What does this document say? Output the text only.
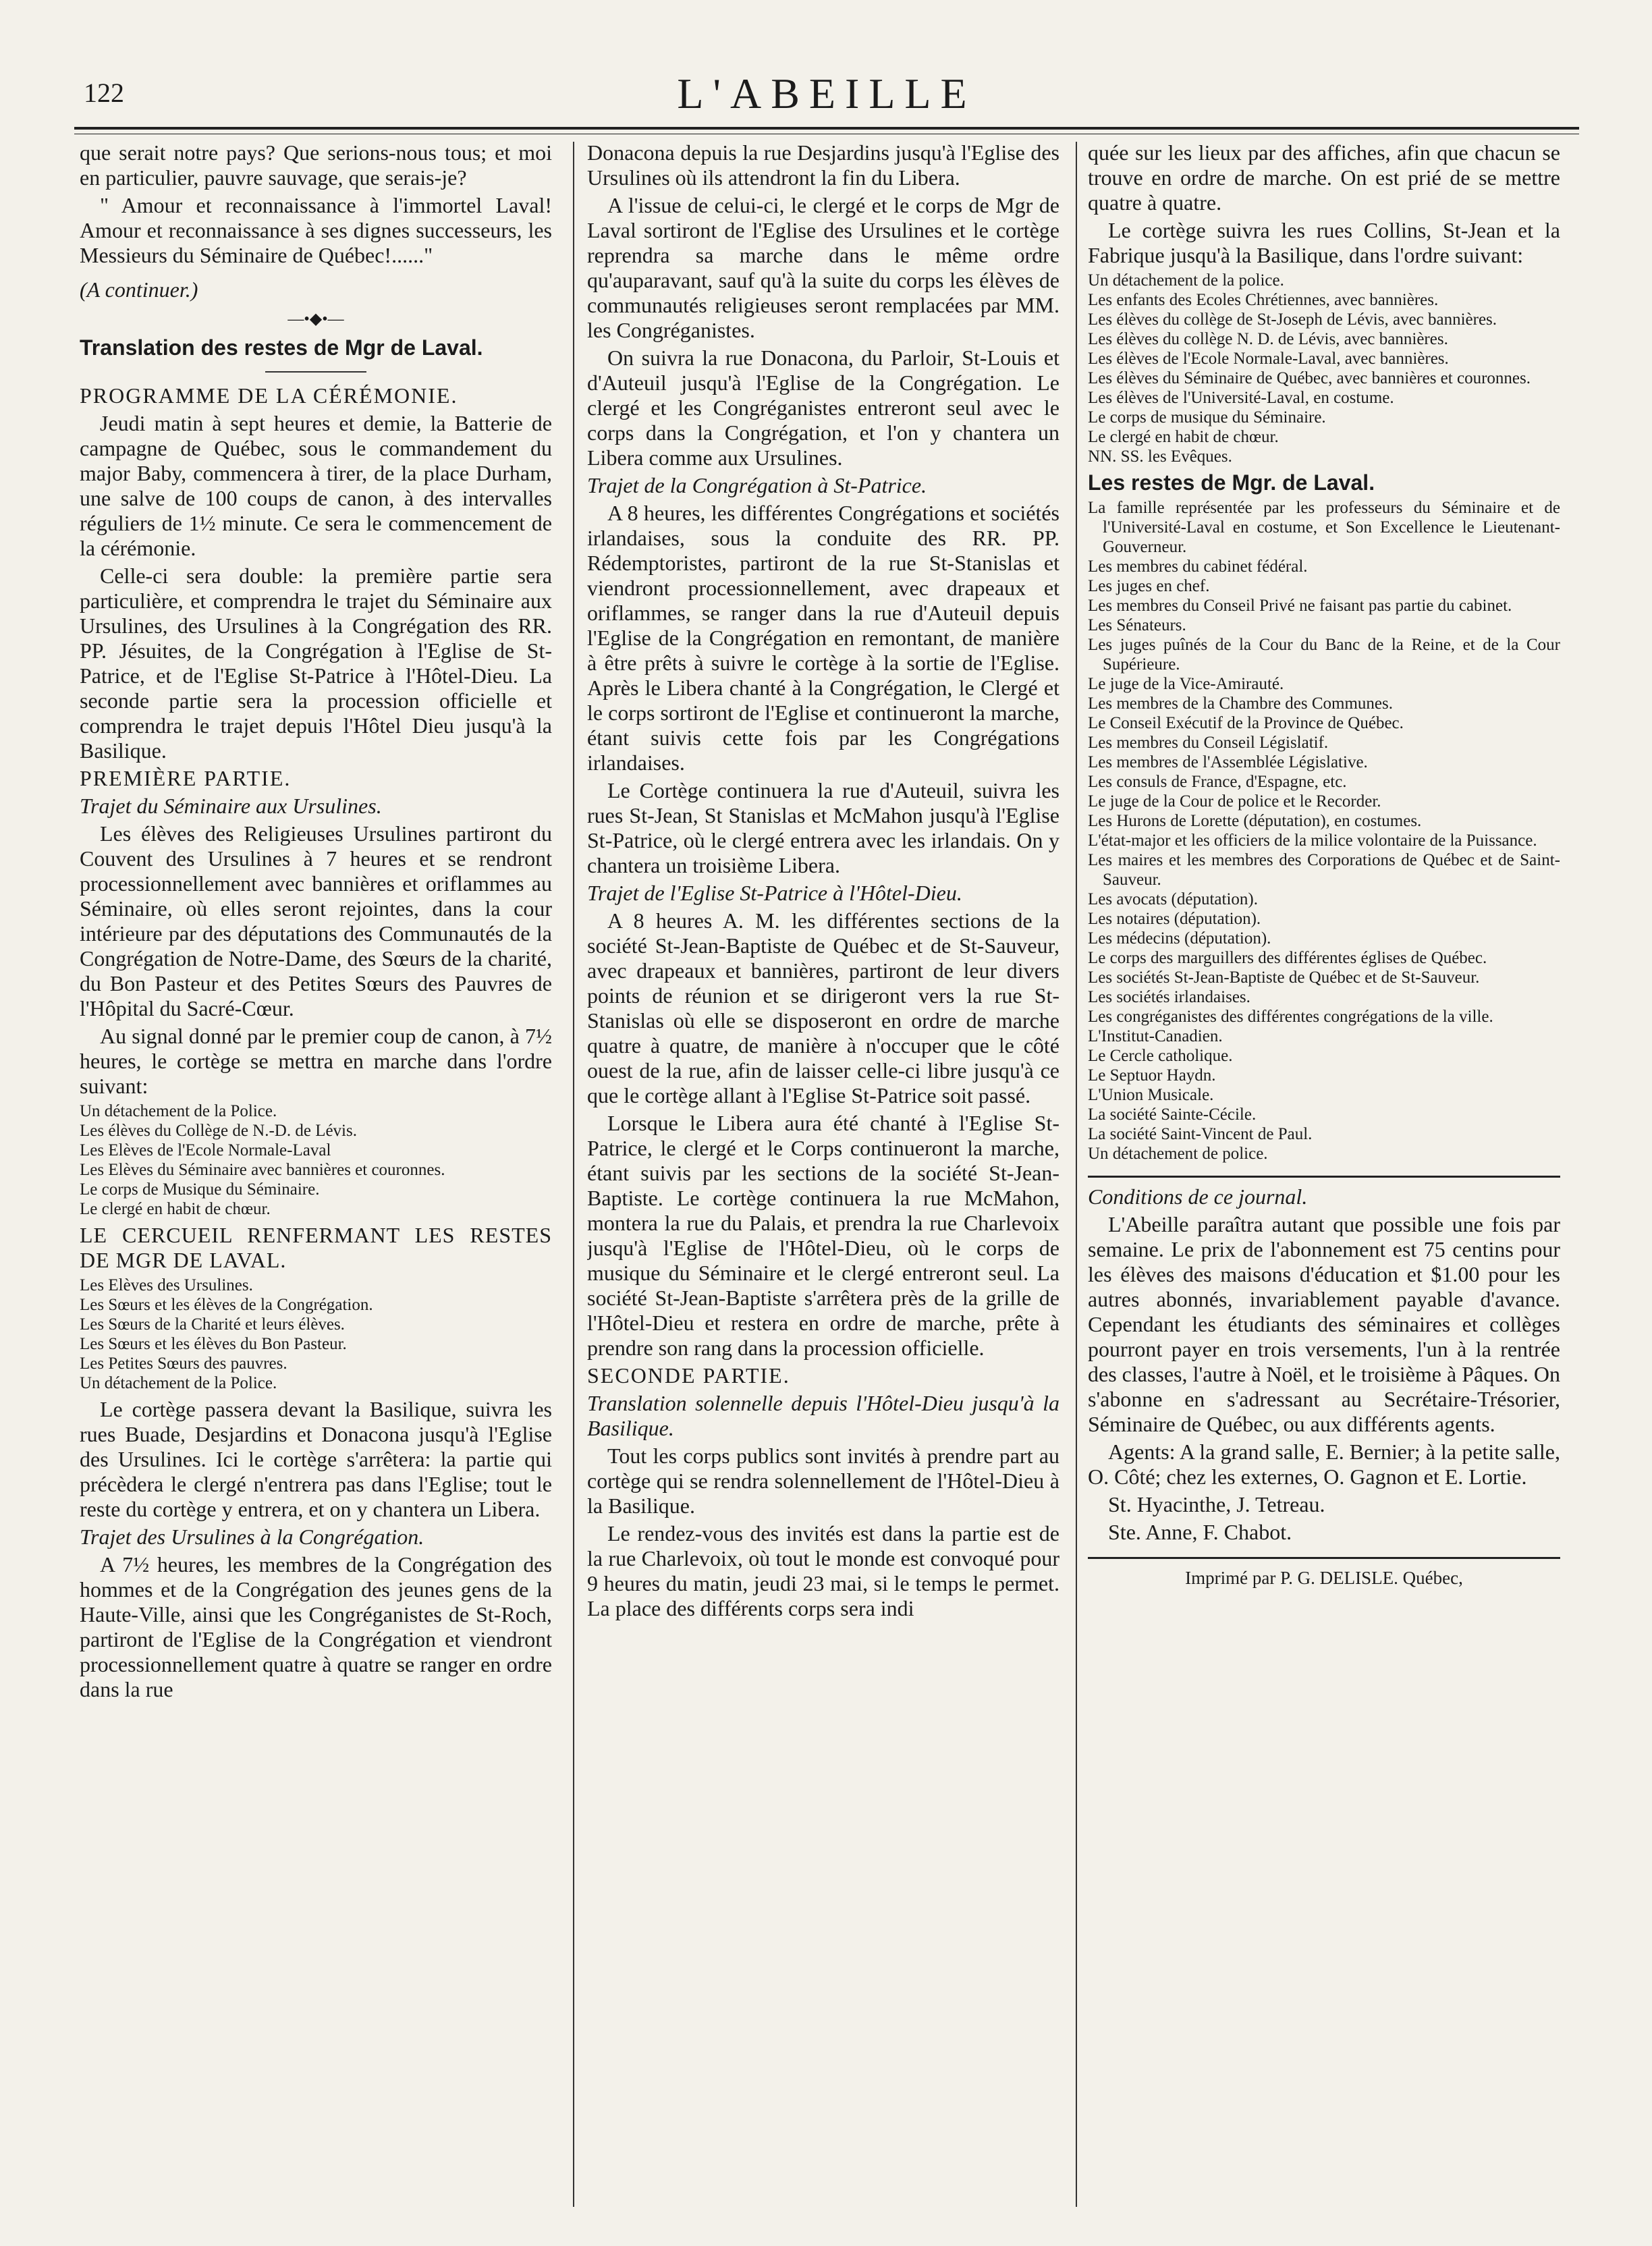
122	L'ABEILLE

que serait notre pays? Que serions-nous tous; et moi en particulier, pauvre sauvage, que serais-je?

" Amour et reconnaissance à l'immortel Laval! Amour et reconnaissance à ses dignes successeurs, les Messieurs du Séminaire de Québec!......"

(A continuer.)

—•◆•—

Translation des restes de Mgr de Laval.

PROGRAMME DE LA CÉRÉMONIE.

Jeudi matin à sept heures et demie, la Batterie de campagne de Québec, sous le commandement du major Baby, commencera à tirer, de la place Durham, une salve de 100 coups de canon, à des intervalles réguliers de 1½ minute. Ce sera le commencement de la cérémonie.

Celle-ci sera double: la première partie sera particulière, et comprendra le trajet du Séminaire aux Ursulines, des Ursulines à la Congrégation des RR. PP. Jésuites, de la Congrégation à l'Eglise de St-Patrice, et de l'Eglise St-Patrice à l'Hôtel-Dieu. La seconde partie sera la procession officielle et comprendra le trajet depuis l'Hôtel Dieu jusqu'à la Basilique.

PREMIÈRE PARTIE.

Trajet du Séminaire aux Ursulines.

Les élèves des Religieuses Ursulines partiront du Couvent des Ursulines à 7 heures et se rendront processionnellement avec bannières et oriflammes au Séminaire, où elles seront rejointes, dans la cour intérieure par des députations des Communautés de la Congrégation de Notre-Dame, des Sœurs de la charité, du Bon Pasteur et des Petites Sœurs des Pauvres de l'Hôpital du Sacré-Cœur.

Au signal donné par le premier coup de canon, à 7½ heures, le cortège se mettra en marche dans l'ordre suivant:

Un détachement de la Police.
Les élèves du Collège de N.-D. de Lévis.
Les Elèves de l'Ecole Normale-Laval
Les Elèves du Séminaire avec bannières et couronnes.
Le corps de Musique du Séminaire.
Le clergé en habit de chœur.

LE CERCUEIL RENFERMANT LES RESTES DE MGR DE LAVAL.

Les Elèves des Ursulines.
Les Sœurs et les élèves de la Congrégation.
Les Sœurs de la Charité et leurs élèves.
Les Sœurs et les élèves du Bon Pasteur.
Les Petites Sœurs des pauvres.
Un détachement de la Police.

Le cortège passera devant la Basilique, suivra les rues Buade, Desjardins et Donacona jusqu'à l'Eglise des Ursulines. Ici le cortège s'arrêtera: la partie qui précèdera le clergé n'entrera pas dans l'Eglise; tout le reste du cortège y entrera, et on y chantera un Libera.

Trajet des Ursulines à la Congrégation.

A 7½ heures, les membres de la Congrégation des hommes et de la Congrégation des jeunes gens de la Haute-Ville, ainsi que les Congréganistes de St-Roch, partiront de l'Eglise de la Congrégation et viendront processionnellement quatre à quatre se ranger en ordre dans la rue

Donacona depuis la rue Desjardins jusqu'à l'Eglise des Ursulines où ils attendront la fin du Libera.

A l'issue de celui-ci, le clergé et le corps de Mgr de Laval sortiront de l'Eglise des Ursulines et le cortège reprendra sa marche dans le même ordre qu'auparavant, sauf qu'à la suite du corps les élèves de communautés religieuses seront remplacées par MM. les Congréganistes.

On suivra la rue Donacona, du Parloir, St-Louis et d'Auteuil jusqu'à l'Eglise de la Congrégation. Le clergé et les Congréganistes entreront seul avec le corps dans la Congrégation, et l'on y chantera un Libera comme aux Ursulines.

Trajet de la Congrégation à St-Patrice.

A 8 heures, les différentes Congrégations et sociétés irlandaises, sous la conduite des RR. PP. Rédemptoristes, partiront de la rue St-Stanislas et viendront processionnellement, avec drapeaux et oriflammes, se ranger dans la rue d'Auteuil depuis l'Eglise de la Congrégation en remontant, de manière à être prêts à suivre le cortège à la sortie de l'Eglise. Après le Libera chanté à la Congrégation, le Clergé et le corps sortiront de l'Eglise et continueront la marche, étant suivis cette fois par les Congrégations irlandaises.

Le Cortège continuera la rue d'Auteuil, suivra les rues St-Jean, St Stanislas et McMahon jusqu'à l'Eglise St-Patrice, où le clergé entrera avec les irlandais. On y chantera un troisième Libera.

Trajet de l'Eglise St-Patrice à l'Hôtel-Dieu.

A 8 heures A. M. les différentes sections de la société St-Jean-Baptiste de Québec et de St-Sauveur, avec drapeaux et bannières, partiront de leur divers points de réunion et se dirigeront vers la rue St-Stanislas où elle se disposeront en ordre de marche quatre à quatre, de manière à n'occuper que le côté ouest de la rue, afin de laisser celle-ci libre jusqu'à ce que le cortège allant à l'Eglise St-Patrice soit passé.

Lorsque le Libera aura été chanté à l'Eglise St-Patrice, le clergé et le Corps continueront la marche, étant suivis par les sections de la société St-Jean-Baptiste. Le cortège continuera la rue McMahon, montera la rue du Palais, et prendra la rue Charlevoix jusqu'à l'Eglise de l'Hôtel-Dieu, où le corps de musique du Séminaire et le clergé entreront seul. La société St-Jean-Baptiste s'arrêtera près de la grille de l'Hôtel-Dieu et restera en ordre de marche, prête à prendre son rang dans la procession officielle.

SECONDE PARTIE.

Translation solennelle depuis l'Hôtel-Dieu jusqu'à la Basilique.

Tout les corps publics sont invités à prendre part au cortège qui se rendra solennellement de l'Hôtel-Dieu à la Basilique.

Le rendez-vous des invités est dans la partie est de la rue Charlevoix, où tout le monde est convoqué pour 9 heures du matin, jeudi 23 mai, si le temps le permet. La place des différents corps sera indi

quée sur les lieux par des affiches, afin que chacun se trouve en ordre de marche. On est prié de se mettre quatre à quatre.

Le cortège suivra les rues Collins, St-Jean et la Fabrique jusqu'à la Basilique, dans l'ordre suivant:

Un détachement de la police.
Les enfants des Ecoles Chrétiennes, avec bannières.
Les élèves du collège de St-Joseph de Lévis, avec bannières.
Les élèves du collège N. D. de Lévis, avec bannières.
Les élèves de l'Ecole Normale-Laval, avec bannières.
Les élèves du Séminaire de Québec, avec bannières et couronnes.
Les élèves de l'Université-Laval, en costume.
Le corps de musique du Séminaire.
Le clergé en habit de chœur.
NN. SS. les Evêques.

Les restes de Mgr. de Laval.

La famille représentée par les professeurs du Séminaire et de l'Université-Laval en costume, et Son Excellence le Lieutenant-Gouverneur.
Les membres du cabinet fédéral.
Les juges en chef.
Les membres du Conseil Privé ne faisant pas partie du cabinet.
Les Sénateurs.
Les juges puînés de la Cour du Banc de la Reine, et de la Cour Supérieure.
Le juge de la Vice-Amirauté.
Les membres de la Chambre des Communes.
Le Conseil Exécutif de la Province de Québec.
Les membres du Conseil Législatif.
Les membres de l'Assemblée Législative.
Les consuls de France, d'Espagne, etc.
Le juge de la Cour de police et le Recorder.
Les Hurons de Lorette (députation), en costumes.
L'état-major et les officiers de la milice volontaire de la Puissance.
Les maires et les membres des Corporations de Québec et de Saint-Sauveur.
Les avocats (députation).
Les notaires (députation).
Les médecins (députation).
Le corps des marguillers des différentes églises de Québec.
Les sociétés St-Jean-Baptiste de Québec et de St-Sauveur.
Les sociétés irlandaises.
Les congréganistes des différentes congrégations de la ville.
L'Institut-Canadien.
Le Cercle catholique.
Le Septuor Haydn.
L'Union Musicale.
La société Sainte-Cécile.
La société Saint-Vincent de Paul.
Un détachement de police.

Conditions de ce journal.

L'Abeille paraîtra autant que possible une fois par semaine. Le prix de l'abonnement est 75 centins pour les élèves des maisons d'éducation et $1.00 pour les autres abonnés, invariablement payable d'avance. Cependant les étudiants des séminaires et collèges pourront payer en trois versements, l'un à la rentrée des classes, l'autre à Noël, et le troisième à Pâques. On s'abonne en s'adressant au Secrétaire-Trésorier, Séminaire de Québec, ou aux différents agents.

Agents: A la grand salle, E. Bernier; à la petite salle, O. Côté; chez les externes, O. Gagnon et E. Lortie.

St. Hyacinthe, J. Tetreau.

Ste. Anne, F. Chabot.

Imprimé par P. G. DELISLE. Québec,
